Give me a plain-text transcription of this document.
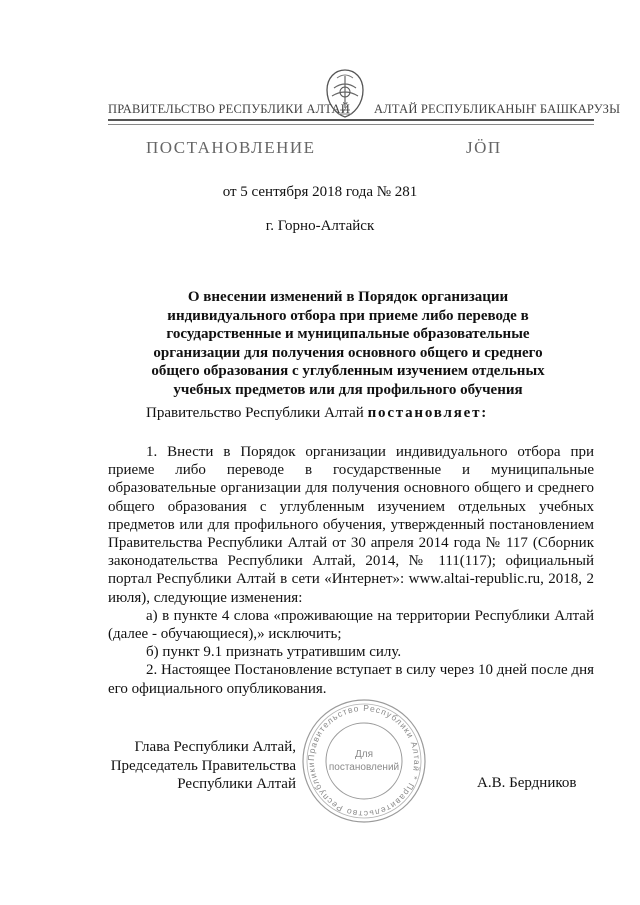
ПРАВИТЕЛЬСТВО РЕСПУБЛИКИ АЛТАЙ АЛТАЙ РЕСПУБЛИКАНЫҤ БАШКАРУЗЫ
ПОСТАНОВЛЕНИЕ	ЈÖП
от 5 сентября 2018 года № 281
г. Горно-Алтайск
О внесении изменений в Порядок организации индивидуального отбора при приеме либо переводе в государственные и муниципальные образовательные организации для получения основного общего и среднего общего образования с углубленным изучением отдельных учебных предметов или для профильного обучения
Правительство Республики Алтай постановляет:

1. Внести в Порядок организации индивидуального отбора при приеме либо переводе в государственные и муниципальные образовательные организации для получения основного общего и среднего общего образования с углубленным изучением отдельных учебных предметов или для профильного обучения, утвержденный постановлением Правительства Республики Алтай от 30 апреля 2014 года № 117 (Сборник законодательства Республики Алтай, 2014, № 111(117); официальный портал Республики Алтай в сети «Интернет»: www.altai-republic.ru, 2018, 2 июля), следующие изменения:

а) в пункте 4 слова «проживающие на территории Республики Алтай (далее - обучающиеся),» исключить;

б) пункт 9.1 признать утратившим силу.

2. Настоящее Постановление вступает в силу через 10 дней после дня его официального опубликования.

Глава Республики Алтай,
Председатель Правительства
Республики Алтай	А.В. Бердников
Правительство Республики Алтай * Правительство Республики
Для
постановлений
